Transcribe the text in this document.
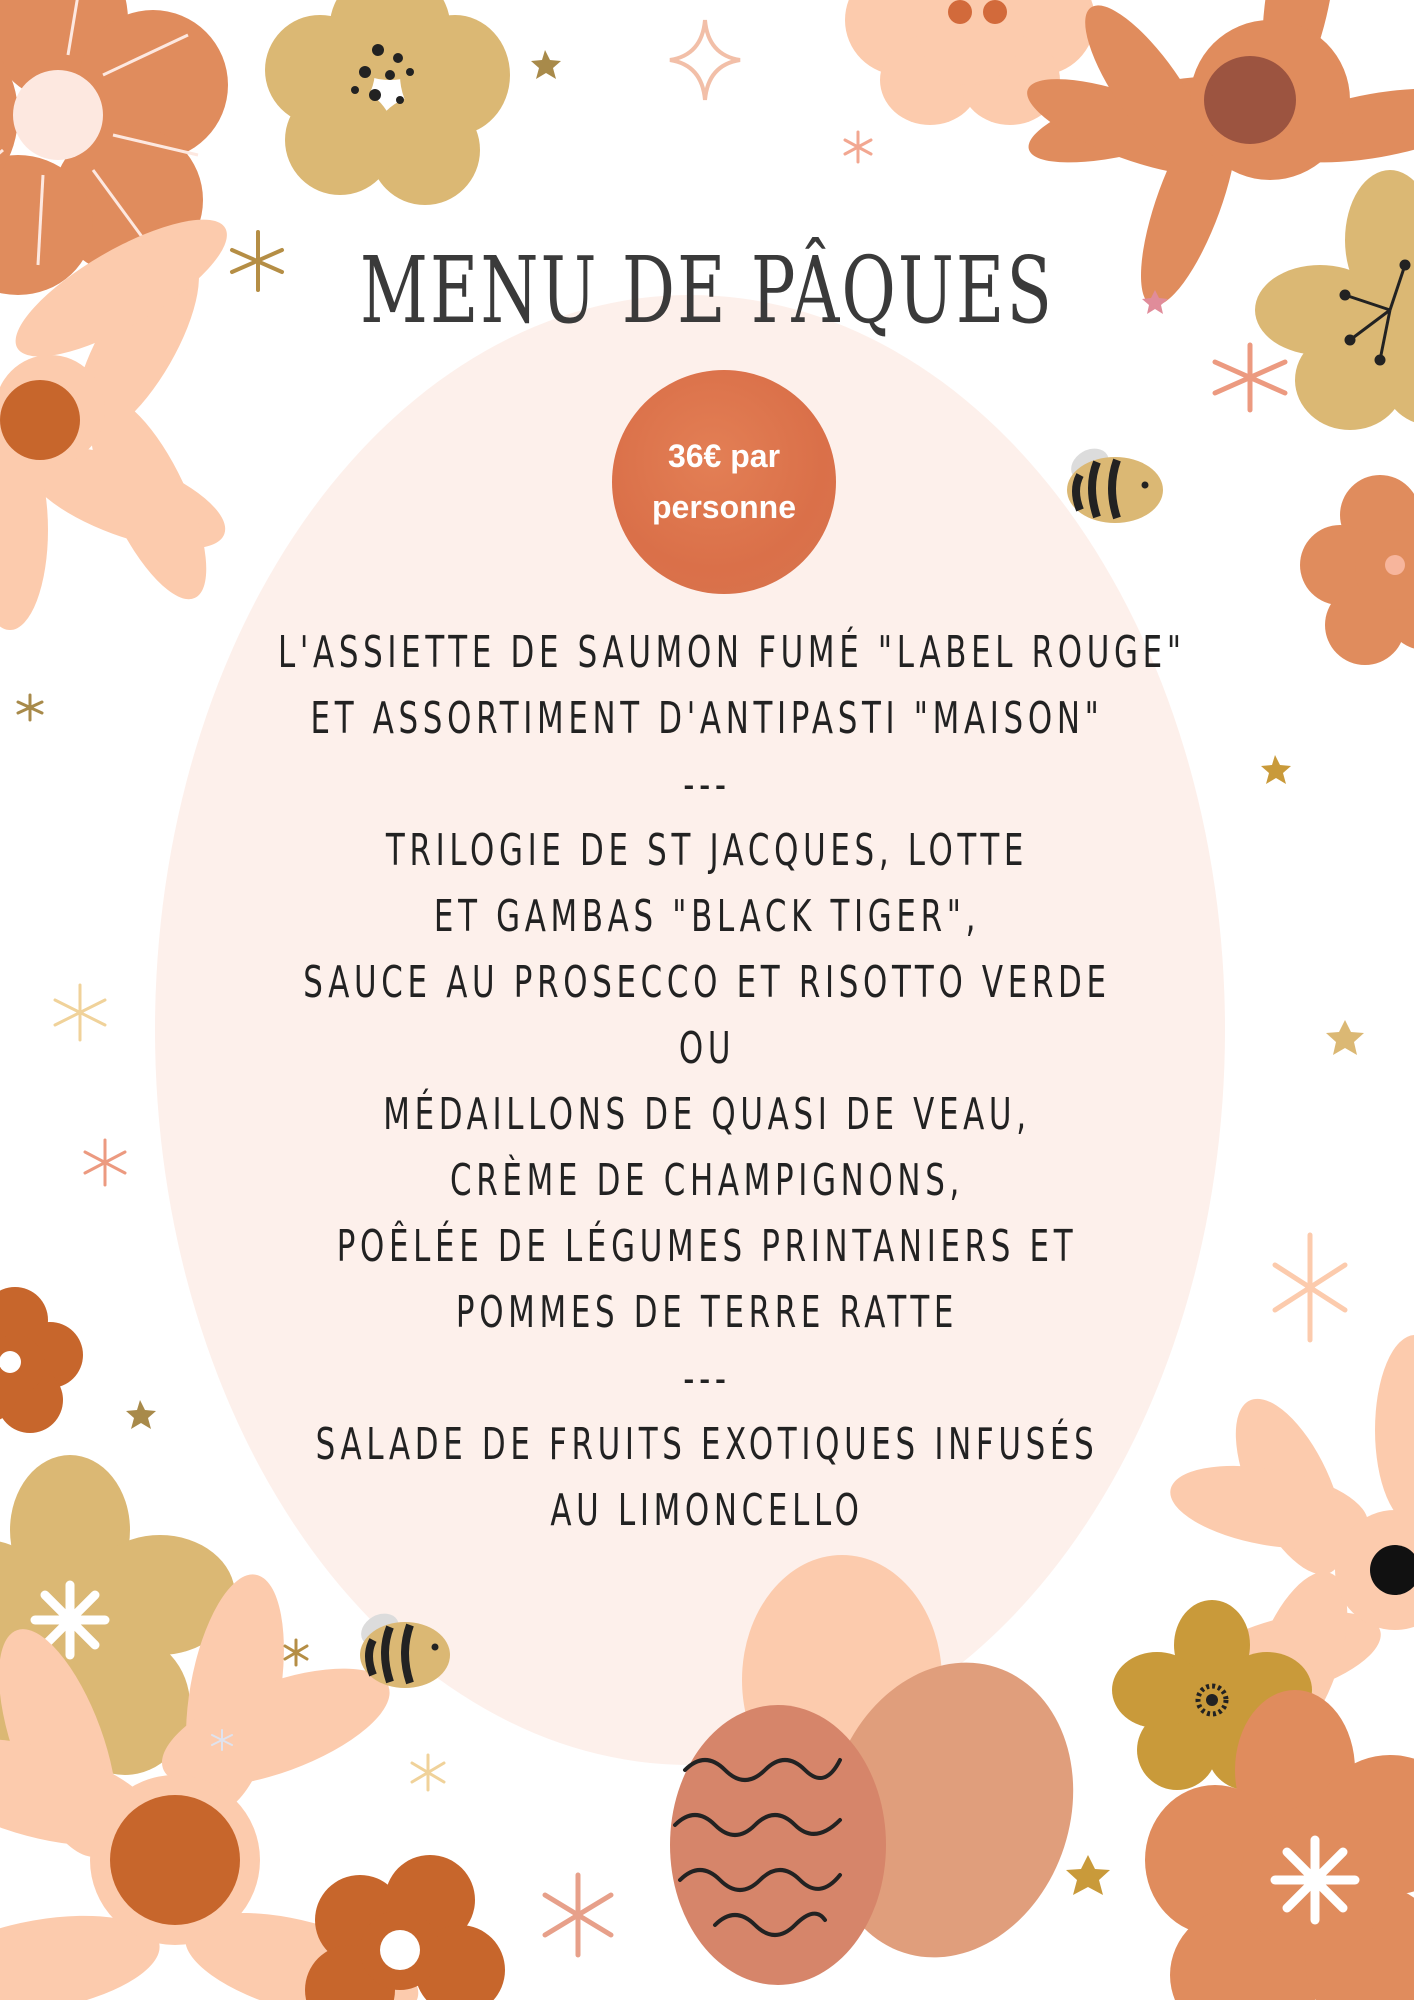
MENU DE PÂQUES
36€ par
personne
L'ASSIETTE DE SAUMON FUMÉ "LABEL ROUGE"
ET ASSORTIMENT D'ANTIPASTI "MAISON"
---
TRILOGIE DE ST JACQUES, LOTTE
ET GAMBAS "BLACK TIGER",
SAUCE AU PROSECCO ET RISOTTO VERDE
OU
MÉDAILLONS DE QUASI DE VEAU,
CRÈME DE CHAMPIGNONS,
POÊLÉE DE LÉGUMES PRINTANIERS ET
POMMES DE TERRE RATTE
---
SALADE DE FRUITS EXOTIQUES INFUSÉS
AU LIMONCELLO
